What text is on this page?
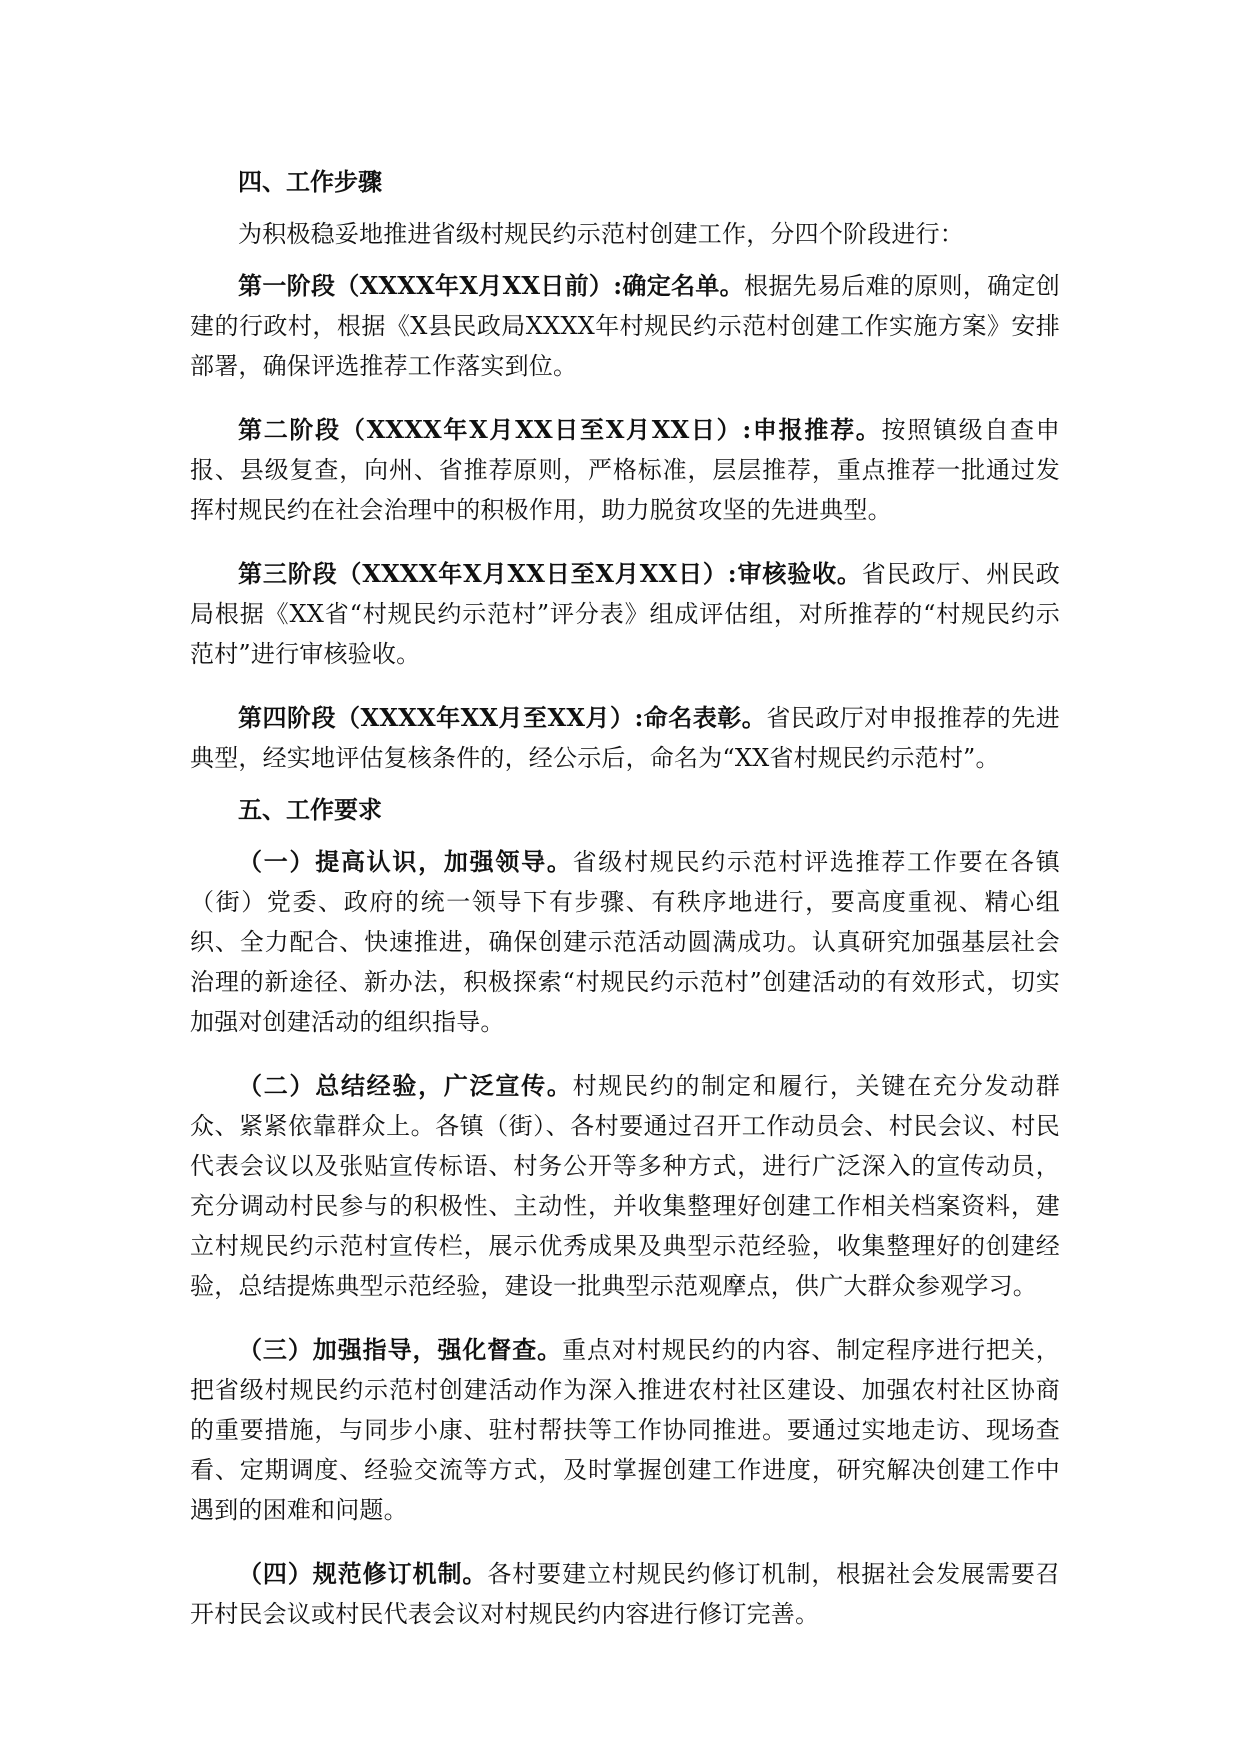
四、工作步骤

为积极稳妥地推进省级村规民约示范村创建工作，分四个阶段进行：

第一阶段（XXXX年X月XX日前）:确定名单。根据先易后难的原则，确定创建的行政村，根据《X县民政局XXXX年村规民约示范村创建工作实施方案》安排部署，确保评选推荐工作落实到位。

第二阶段（XXXX年X月XX日至X月XX日）:申报推荐。按照镇级自查申报、县级复查，向州、省推荐原则，严格标准，层层推荐，重点推荐一批通过发挥村规民约在社会治理中的积极作用，助力脱贫攻坚的先进典型。

第三阶段（XXXX年X月XX日至X月XX日）:审核验收。省民政厅、州民政局根据《XX省“村规民约示范村”评分表》组成评估组，对所推荐的“村规民约示范村”进行审核验收。

第四阶段（XXXX年XX月至XX月）:命名表彰。省民政厅对申报推荐的先进典型，经实地评估复核条件的，经公示后，命名为“XX省村规民约示范村”。

五、工作要求

（一）提高认识，加强领导。省级村规民约示范村评选推荐工作要在各镇（街）党委、政府的统一领导下有步骤、有秩序地进行，要高度重视、精心组织、全力配合、快速推进，确保创建示范活动圆满成功。认真研究加强基层社会治理的新途径、新办法，积极探索“村规民约示范村”创建活动的有效形式，切实加强对创建活动的组织指导。

（二）总结经验，广泛宣传。村规民约的制定和履行，关键在充分发动群众、紧紧依靠群众上。各镇（街）、各村要通过召开工作动员会、村民会议、村民代表会议以及张贴宣传标语、村务公开等多种方式，进行广泛深入的宣传动员，充分调动村民参与的积极性、主动性，并收集整理好创建工作相关档案资料，建立村规民约示范村宣传栏，展示优秀成果及典型示范经验，收集整理好的创建经验，总结提炼典型示范经验，建设一批典型示范观摩点，供广大群众参观学习。

（三）加强指导，强化督查。重点对村规民约的内容、制定程序进行把关，把省级村规民约示范村创建活动作为深入推进农村社区建设、加强农村社区协商的重要措施，与同步小康、驻村帮扶等工作协同推进。要通过实地走访、现场查看、定期调度、经验交流等方式，及时掌握创建工作进度，研究解决创建工作中遇到的困难和问题。

（四）规范修订机制。各村要建立村规民约修订机制，根据社会发展需要召开村民会议或村民代表会议对村规民约内容进行修订完善。
